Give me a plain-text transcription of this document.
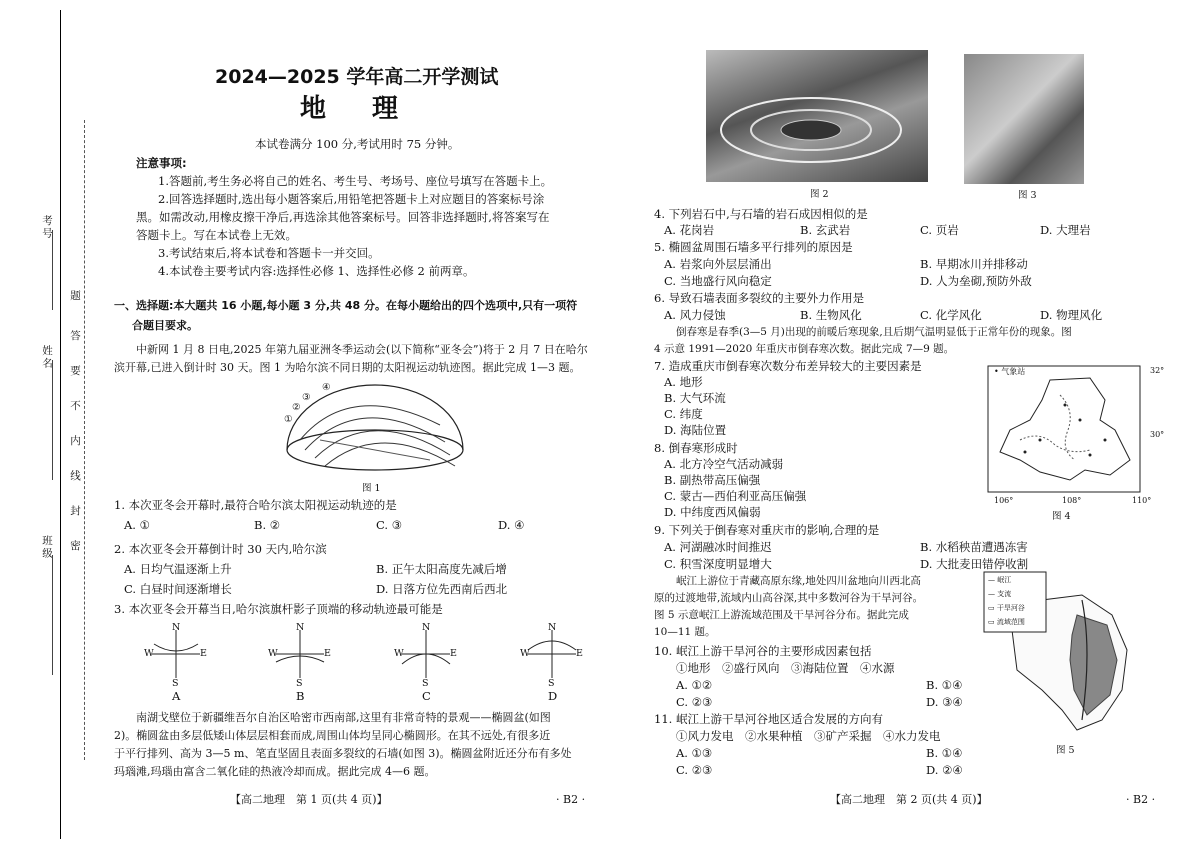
考号
姓名
班级
题
答
要
不
内
线
封
密
2024—2025 学年高二开学测试
地　理
本试卷满分 100 分,考试用时 75 分钟。
注意事项:
1.答题前,考生务必将自己的姓名、考生号、考场号、座位号填写在答题卡上。
2.回答选择题时,选出每小题答案后,用铅笔把答题卡上对应题目的答案标号涂
黑。如需改动,用橡皮擦干净后,再选涂其他答案标号。回答非选择题时,将答案写在
答题卡上。写在本试卷上无效。
3.考试结束后,将本试卷和答题卡一并交回。
4.本试卷主要考试内容:选择性必修 1、选择性必修 2 前两章。
一、选择题:本大题共 16 小题,每小题 3 分,共 48 分。在每小题给出的四个选项中,只有一项符
合题目要求。
中新网 1 月 8 日电,2025 年第九届亚洲冬季运动会(以下简称“亚冬会”)将于 2 月 7 日在哈尔
滨开幕,已进入倒计时 30 天。图 1 为哈尔滨不同日期的太阳视运动轨迹图。据此完成 1—3 题。
①
②
③
④
图 1
1. 本次亚冬会开幕时,最符合哈尔滨太阳视运动轨迹的是
A. ①	B. ②	C. ③	D. ④
2. 本次亚冬会开幕倒计时 30 天内,哈尔滨
A. 日均气温逐渐上升	B. 正午太阳高度先减后增
C. 白昼时间逐渐增长	D. 日落方位先西南后西北
3. 本次亚冬会开幕当日,哈尔滨旗杆影子顶端的移动轨迹最可能是
N
S
W	E
N
S
W	E
N
S
W	E
N
S
W	E
A	B	C	D
南湖戈壁位于新疆维吾尔自治区哈密市西南部,这里有非常奇特的景观——椭圆盆(如图
2)。椭圆盆由多层低矮山体层层相套而成,周围山体均呈同心椭圆形。在其不远处,有很多近
于平行排列、高为 3—5 m、笔直坚固且表面多裂纹的石墙(如图 3)。椭圆盆附近还分布有多处
玛瑙滩,玛瑙由富含二氧化硅的热液冷却而成。据此完成 4—6 题。
【高二地理　第 1 页(共 4 页)】	· B2 ·
图 2	图 3
4. 下列岩石中,与石墙的岩石成因相似的是
A. 花岗岩	B. 玄武岩	C. 页岩	D. 大理岩
5. 椭圆盆周围石墙多平行排列的原因是
A. 岩浆向外层层涌出	B. 早期冰川并排移动
C. 当地盛行风向稳定	D. 人为垒砌,预防外敌
6. 导致石墙表面多裂纹的主要外力作用是
A. 风力侵蚀	B. 生物风化	C. 化学风化	D. 物理风化
倒春寒是春季(3—5 月)出现的前暖后寒现象,且后期气温明显低于正常年份的现象。图
4 示意 1991—2020 年重庆市倒春寒次数。据此完成 7—9 题。
7. 造成重庆市倒春寒次数分布差异较大的主要因素是
A. 地形
B. 大气环流
C. 纬度
D. 海陆位置
8. 倒春寒形成时
A. 北方冷空气活动减弱
B. 副热带高压偏强
C. 蒙古—西伯利亚高压偏强
D. 中纬度西风偏弱
• 气象站	32°
30°
106°	108°	110°
图 4
9. 下列关于倒春寒对重庆市的影响,合理的是
A. 河湖融冰时间推迟	B. 水稻秧苗遭遇冻害
C. 积雪深度明显增大	D. 大批麦田错停收割
岷江上游位于青藏高原东缘,地处四川盆地向川西北高
原的过渡地带,流域内山高谷深,其中多数河谷为干旱河谷。
图 5 示意岷江上游流域范围及干旱河谷分布。据此完成
10—11 题。
— 岷江
— 支流
▭ 干旱河谷
▭ 流域范围
图 5
10. 岷江上游干旱河谷的主要形成因素包括
①地形　②盛行风向　③海陆位置　④水源
A. ①②	B. ①④
C. ②③	D. ③④
11. 岷江上游干旱河谷地区适合发展的方向有
①风力发电　②水果种植　③矿产采掘　④水力发电
A. ①③	B. ①④
C. ②③	D. ②④
【高二地理　第 2 页(共 4 页)】	· B2 ·
